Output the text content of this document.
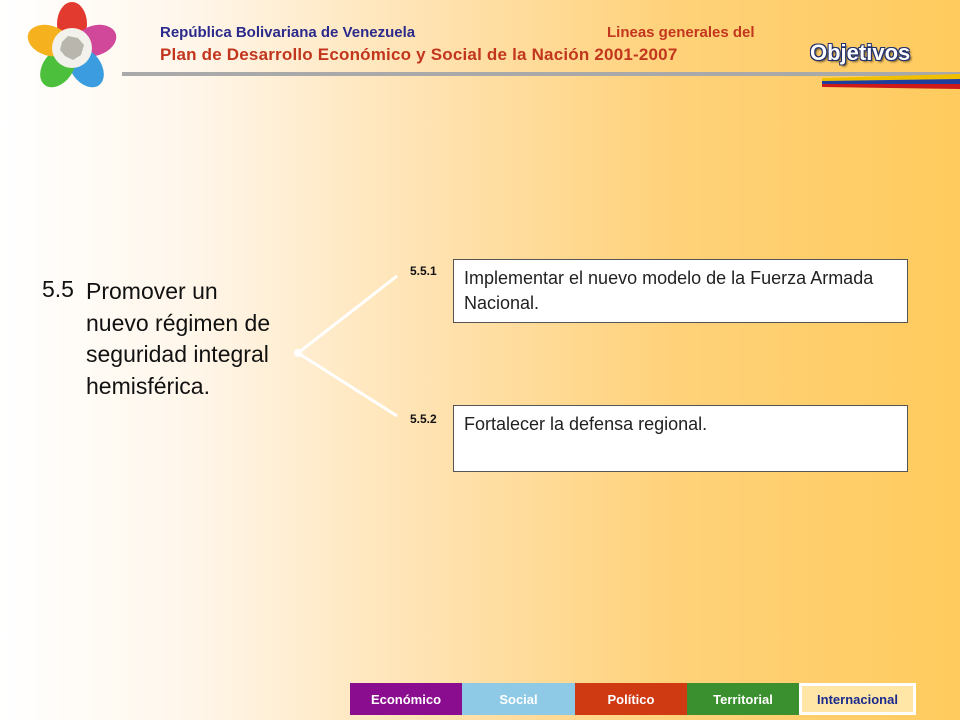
República Bolivariana de Venezuela	Lineas generales del
Plan de Desarrollo Económico y Social de la Nación 2001-2007	Objetivos
5.5 Promover un nuevo régimen de seguridad integral hemisférica.
5.5.1	Implementar el nuevo modelo de la Fuerza Armada Nacional.
5.5.2	Fortalecer la defensa regional.
Económico	Social	Político	Territorial	Internacional
